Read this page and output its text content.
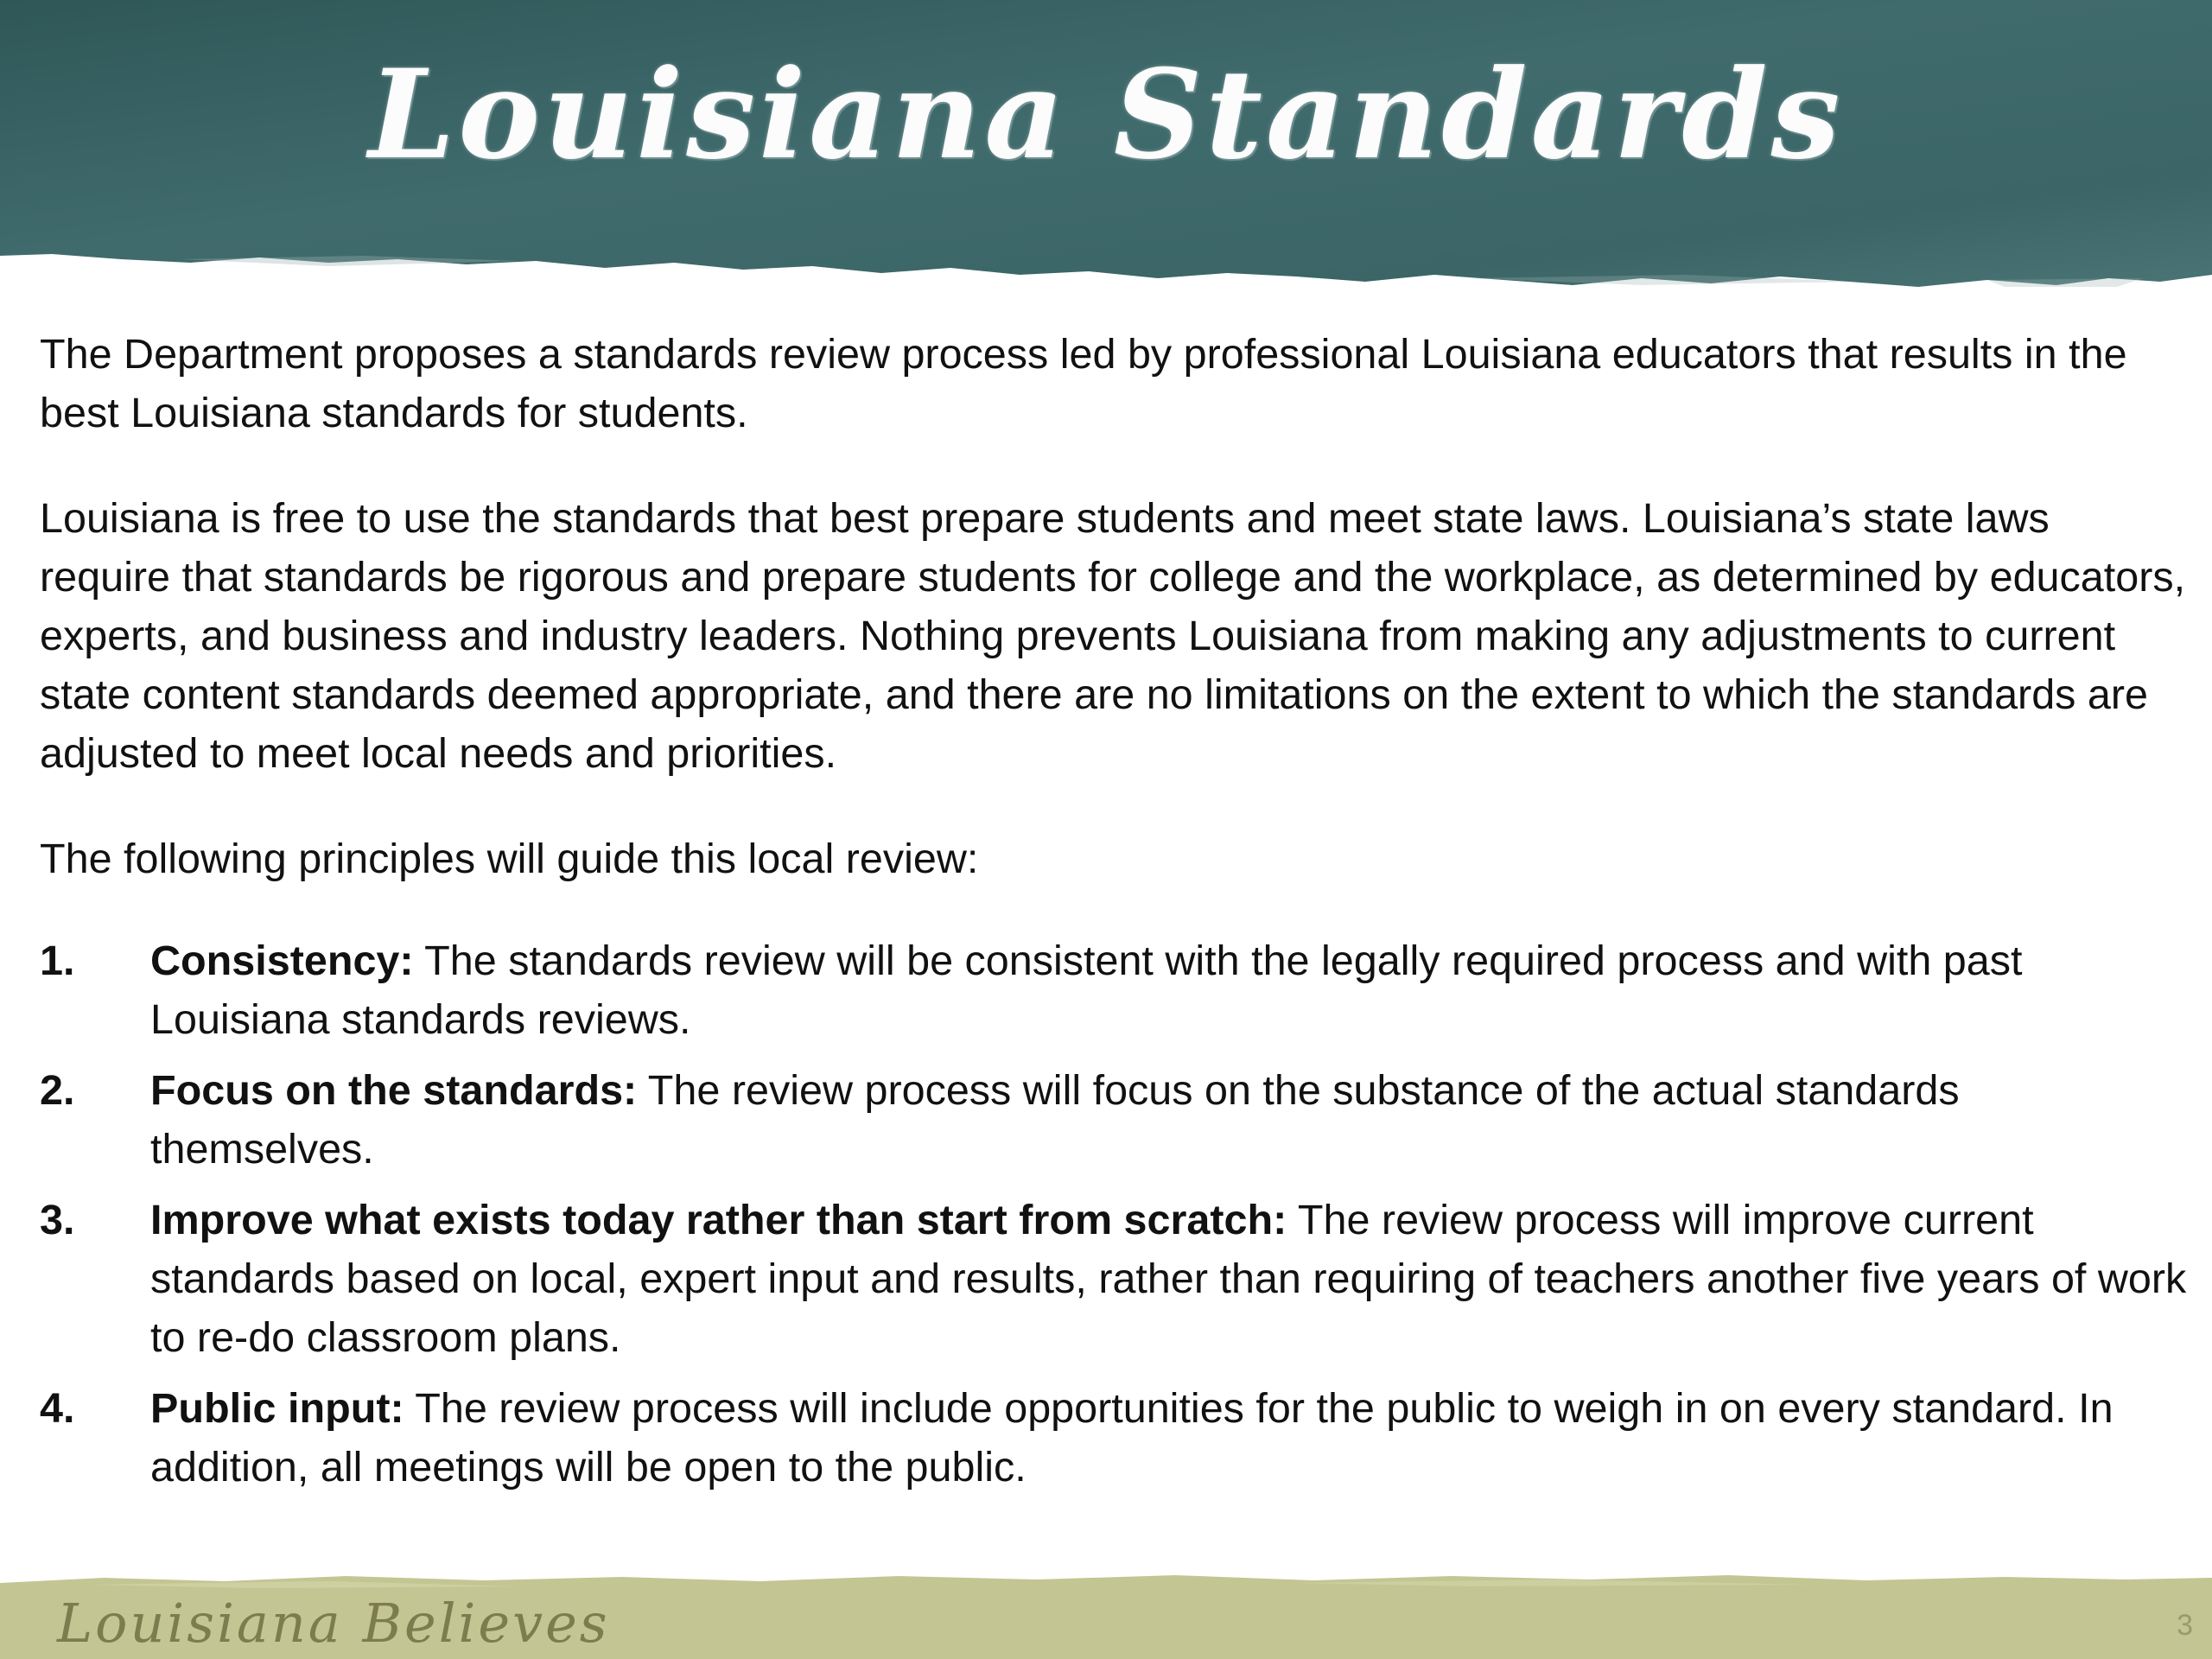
Louisiana Standards

The Department proposes a standards review process led by professional Louisiana educators that results in the best Louisiana standards for students.

Louisiana is free to use the standards that best prepare students and meet state laws. Louisiana’s state laws require that standards be rigorous and prepare students for college and the workplace, as determined by educators, experts, and business and industry leaders. Nothing prevents Louisiana from making any adjustments to current state content standards deemed appropriate, and there are no limitations on the extent to which the standards are adjusted to meet local needs and priorities.

The following principles will guide this local review:

1. Consistency: The standards review will be consistent with the legally required process and with past Louisiana standards reviews.
2. Focus on the standards: The review process will focus on the substance of the actual standards themselves.
3. Improve what exists today rather than start from scratch: The review process will improve current standards based on local, expert input and results, rather than requiring of teachers another five years of work to re-do classroom plans.
4. Public input: The review process will include opportunities for the public to weigh in on every standard. In addition, all meetings will be open to the public.
Louisiana Believes	3
